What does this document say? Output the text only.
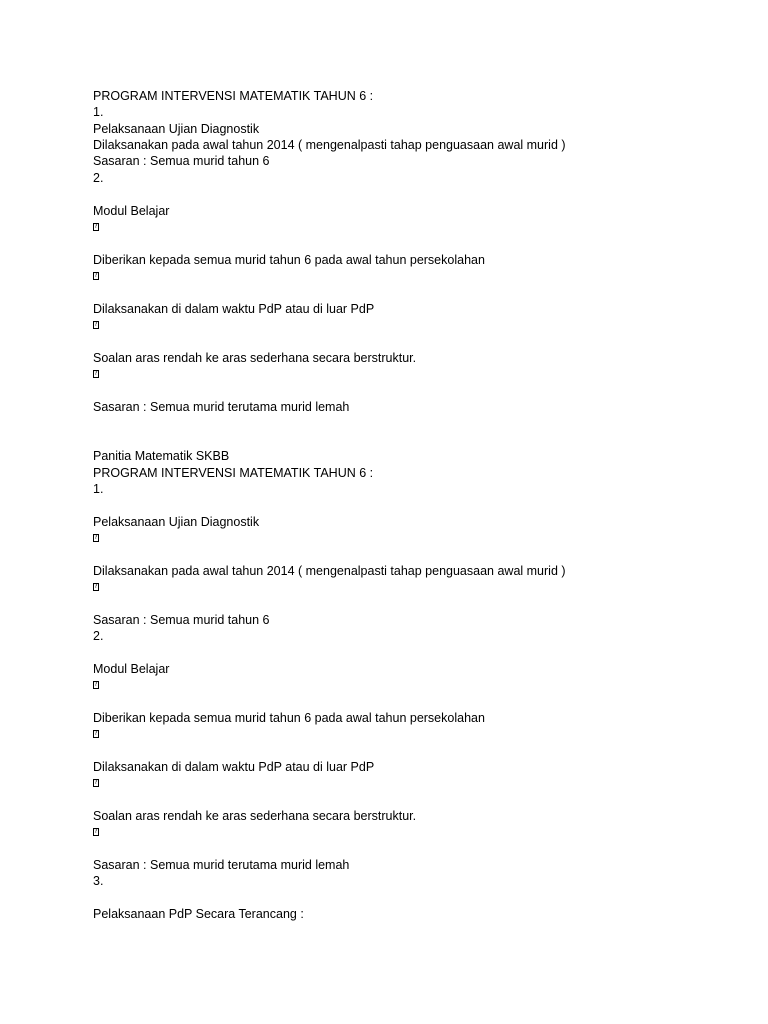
PROGRAM INTERVENSI MATEMATIK TAHUN 6 :
1.
Pelaksanaan Ujian Diagnostik
Dilaksanakan pada awal tahun 2014 ( mengenalpasti tahap penguasaan awal murid )
Sasaran : Semua murid tahun 6
2.
Modul Belajar
?
Diberikan kepada semua murid tahun 6 pada awal tahun persekolahan
?
Dilaksanakan di dalam waktu PdP atau di luar PdP
?
Soalan aras rendah ke aras sederhana secara berstruktur.
?
Sasaran : Semua murid terutama murid lemah
Panitia Matematik SKBB
PROGRAM INTERVENSI MATEMATIK TAHUN 6 :
1.
Pelaksanaan Ujian Diagnostik
?
Dilaksanakan pada awal tahun 2014 ( mengenalpasti tahap penguasaan awal murid )
?
Sasaran : Semua murid tahun 6
2.
Modul Belajar
?
Diberikan kepada semua murid tahun 6 pada awal tahun persekolahan
?
Dilaksanakan di dalam waktu PdP atau di luar PdP
?
Soalan aras rendah ke aras sederhana secara berstruktur.
?
Sasaran : Semua murid terutama murid lemah
3.
Pelaksanaan PdP Secara Terancang :
